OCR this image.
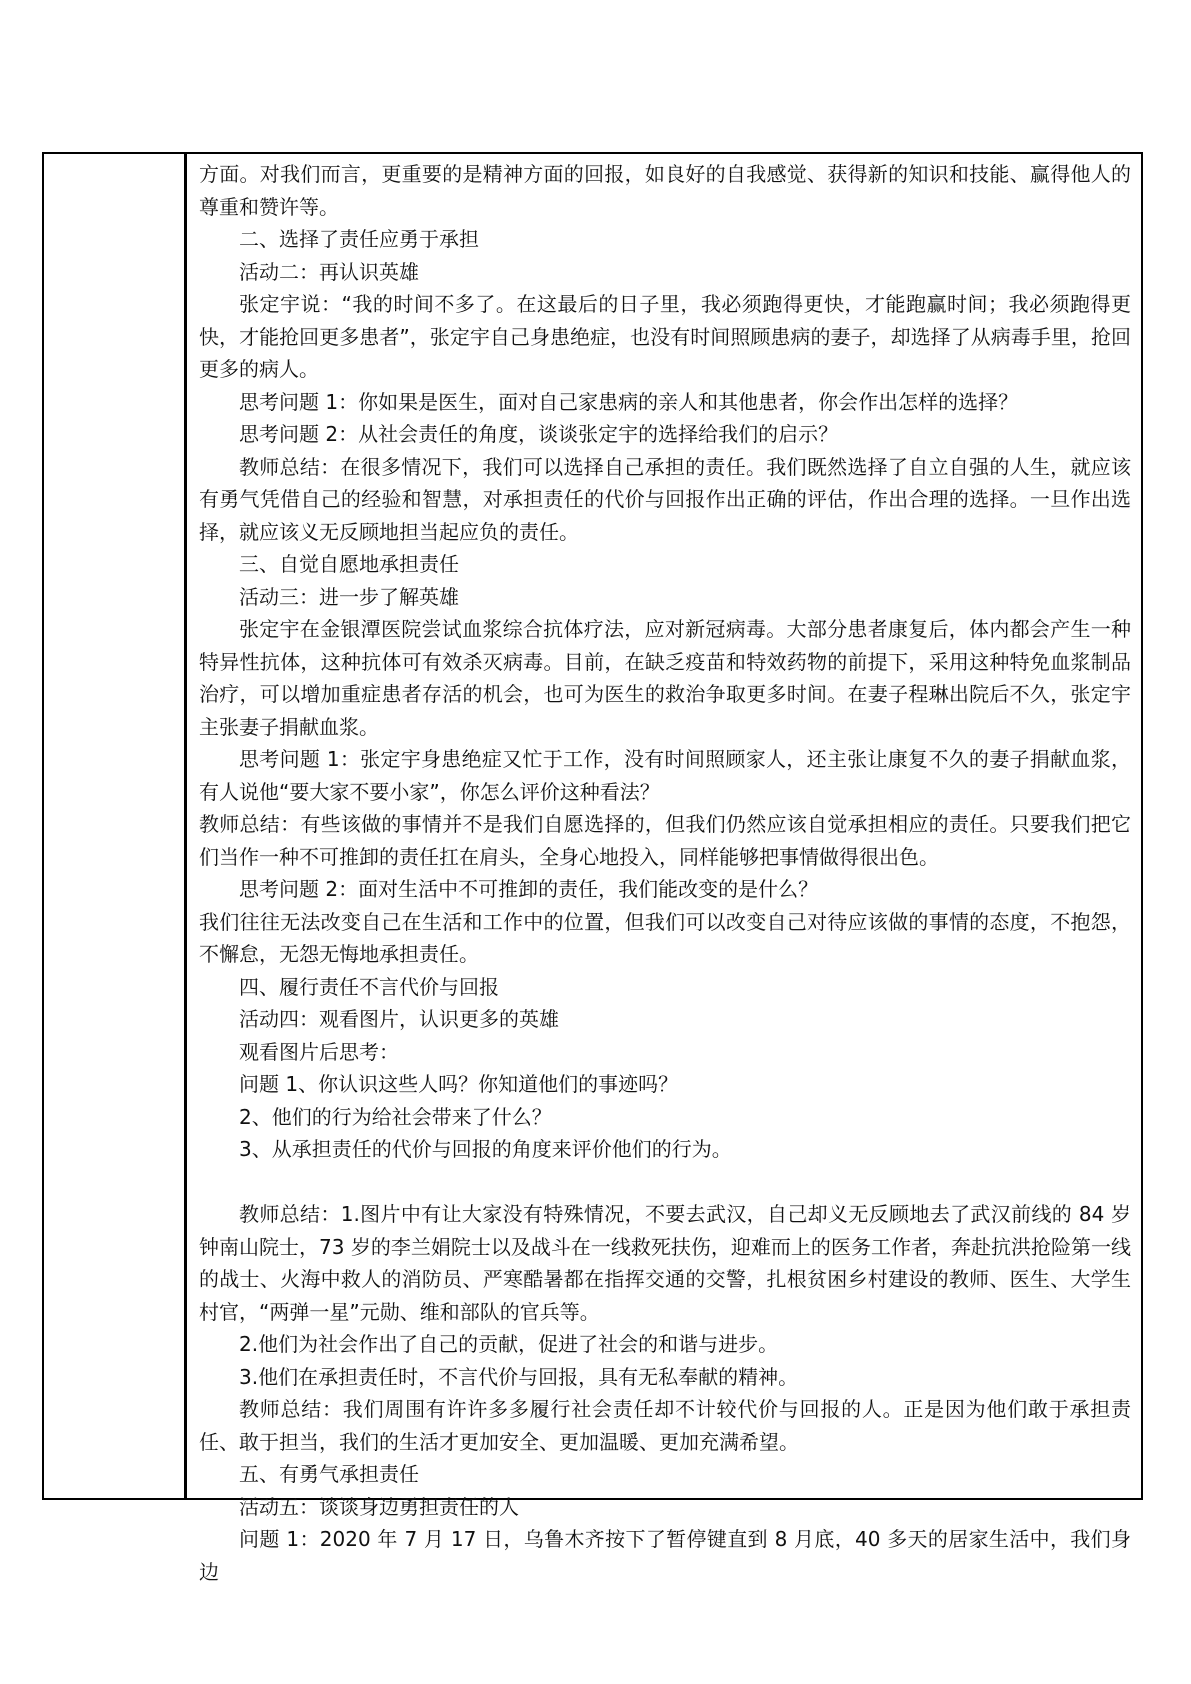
方面。对我们而言，更重要的是精神方面的回报，如良好的自我感觉、获得新的知识和技能、赢得他人的尊重和赞许等。

二、选择了责任应勇于承担

活动二：再认识英雄

张定宇说：“我的时间不多了。在这最后的日子里，我必须跑得更快，才能跑赢时间；我必须跑得更快，才能抢回更多患者”，张定宇自己身患绝症，也没有时间照顾患病的妻子，却选择了从病毒手里，抢回更多的病人。

思考问题 1：你如果是医生，面对自己家患病的亲人和其他患者，你会作出怎样的选择？

思考问题 2：从社会责任的角度，谈谈张定宇的选择给我们的启示？

教师总结：在很多情况下，我们可以选择自己承担的责任。我们既然选择了自立自强的人生，就应该有勇气凭借自己的经验和智慧，对承担责任的代价与回报作出正确的评估，作出合理的选择。一旦作出选择，就应该义无反顾地担当起应负的责任。

三、自觉自愿地承担责任

活动三：进一步了解英雄

张定宇在金银潭医院尝试血浆综合抗体疗法，应对新冠病毒。大部分患者康复后，体内都会产生一种特异性抗体，这种抗体可有效杀灭病毒。目前，在缺乏疫苗和特效药物的前提下，采用这种特免血浆制品治疗，可以增加重症患者存活的机会，也可为医生的救治争取更多时间。在妻子程琳出院后不久，张定宇主张妻子捐献血浆。

思考问题 1：张定宇身患绝症又忙于工作，没有时间照顾家人，还主张让康复不久的妻子捐献血浆，有人说他“要大家不要小家”，你怎么评价这种看法？

教师总结：有些该做的事情并不是我们自愿选择的，但我们仍然应该自觉承担相应的责任。只要我们把它们当作一种不可推卸的责任扛在肩头，全身心地投入，同样能够把事情做得很出色。

思考问题 2：面对生活中不可推卸的责任，我们能改变的是什么？

我们往往无法改变自己在生活和工作中的位置，但我们可以改变自己对待应该做的事情的态度，不抱怨，不懈怠，无怨无悔地承担责任。

四、履行责任不言代价与回报

活动四：观看图片，认识更多的英雄

观看图片后思考：

问题 1、你认识这些人吗？你知道他们的事迹吗？

2、他们的行为给社会带来了什么？

3、从承担责任的代价与回报的角度来评价他们的行为。

教师总结：1.图片中有让大家没有特殊情况，不要去武汉，自己却义无反顾地去了武汉前线的 84 岁钟南山院士，73 岁的李兰娟院士以及战斗在一线救死扶伤，迎难而上的医务工作者，奔赴抗洪抢险第一线的战士、火海中救人的消防员、严寒酷暑都在指挥交通的交警，扎根贫困乡村建设的教师、医生、大学生村官，“两弹一星”元勋、维和部队的官兵等。

2.他们为社会作出了自己的贡献，促进了社会的和谐与进步。

3.他们在承担责任时，不言代价与回报，具有无私奉献的精神。

教师总结：我们周围有许许多多履行社会责任却不计较代价与回报的人。正是因为他们敢于承担责任、敢于担当，我们的生活才更加安全、更加温暖、更加充满希望。

五、有勇气承担责任

活动五：谈谈身边勇担责任的人

问题 1：2020 年 7 月 17 日，乌鲁木齐按下了暂停键直到 8 月底，40 多天的居家生活中，我们身边
